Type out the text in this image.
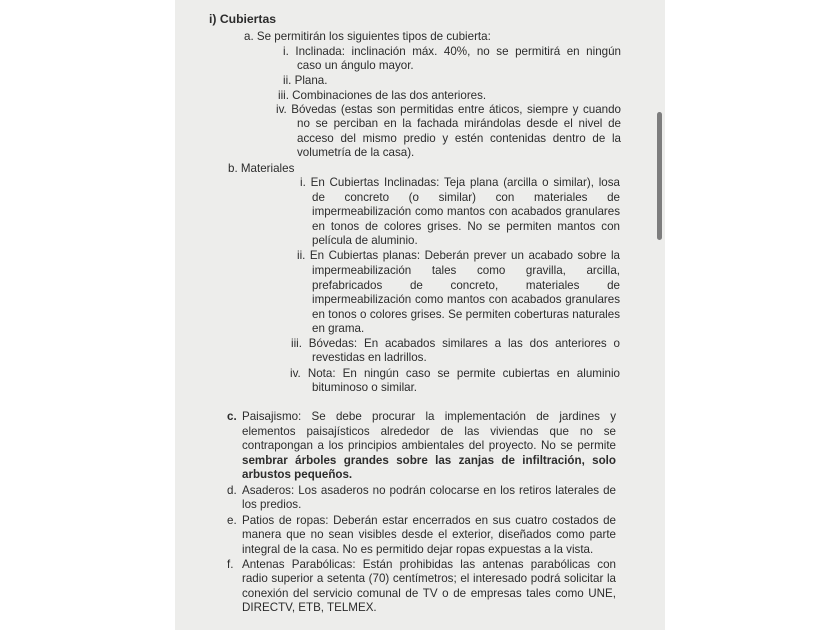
i) Cubiertas
a. Se permitirán los siguientes tipos de cubierta:
i. Inclinada: inclinación máx. 40%, no se permitirá en ningún
caso un ángulo mayor.
ii. Plana.
iii. Combinaciones de las dos anteriores.
iv. Bóvedas (estas son permitidas entre áticos, siempre y cuando
no se perciban en la fachada mirándolas desde el nivel de
acceso del mismo predio y estén contenidas dentro de la
volumetría de la casa).
b. Materiales
i. En Cubiertas Inclinadas: Teja plana (arcilla o similar), losa
de concreto (o similar) con materiales de
impermeabilización como mantos con acabados granulares
en tonos de colores grises. No se permiten mantos con
película de aluminio.
ii. En Cubiertas planas: Deberán prever un acabado sobre la
impermeabilización tales como gravilla, arcilla,
prefabricados de concreto, materiales de
impermeabilización como mantos con acabados granulares
en tonos o colores grises. Se permiten coberturas naturales
en grama.
iii. Bóvedas: En acabados similares a las dos anteriores o
revestidas en ladrillos.
iv. Nota: En ningún caso se permite cubiertas en aluminio
bituminoso o similar.
c. Paisajismo: Se debe procurar la implementación de jardines y
elementos paisajísticos alrededor de las viviendas que no se
contrapongan a los principios ambientales del proyecto. No se permite
sembrar árboles grandes sobre las zanjas de infiltración, solo
arbustos pequeños.
d. Asaderos: Los asaderos no podrán colocarse en los retiros laterales de
los predios.
e. Patios de ropas: Deberán estar encerrados en sus cuatro costados de
manera que no sean visibles desde el exterior, diseñados como parte
integral de la casa. No es permitido dejar ropas expuestas a la vista.
f. Antenas Parabólicas: Están prohibidas las antenas parabólicas con
radio superior a setenta (70) centímetros; el interesado podrá solicitar la
conexión del servicio comunal de TV o de empresas tales como UNE,
DIRECTV, ETB, TELMEX.
